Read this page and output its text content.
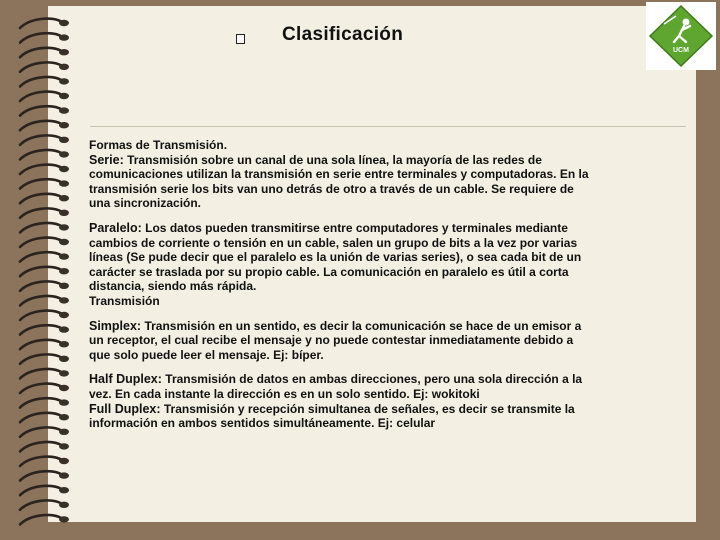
Clasificación
UCM
Formas de Transmisión.
Serie: Transmisión sobre un canal de una sola línea, la mayoría de las redes de
comunicaciones utilizan la transmisión en serie entre terminales y computadoras. En la
transmisión serie los bits van uno detrás de otro a través de un cable. Se requiere de
una sincronización.
Paralelo: Los datos pueden transmitirse entre computadores y terminales mediante
cambios de corriente o tensión en un cable, salen un grupo de bits a la vez por varias
líneas (Se pude decir que el paralelo es la unión de varias series), o sea cada bit de un
carácter se traslada por su propio cable. La comunicación en paralelo es útil a corta
distancia, siendo más rápida.
Transmisión
Simplex: Transmisión en un sentido, es decir la comunicación se hace de un emisor a
un receptor, el cual recibe el mensaje y no puede contestar inmediatamente debido a
que solo puede leer el mensaje. Ej: bíper.
Half Duplex: Transmisión de datos en ambas direcciones, pero una sola dirección a la
vez. En cada instante la dirección es en un solo sentido. Ej: wokitoki
Full Duplex: Transmisión y recepción simultanea de señales, es decir se transmite la
información en ambos sentidos simultáneamente. Ej: celular
